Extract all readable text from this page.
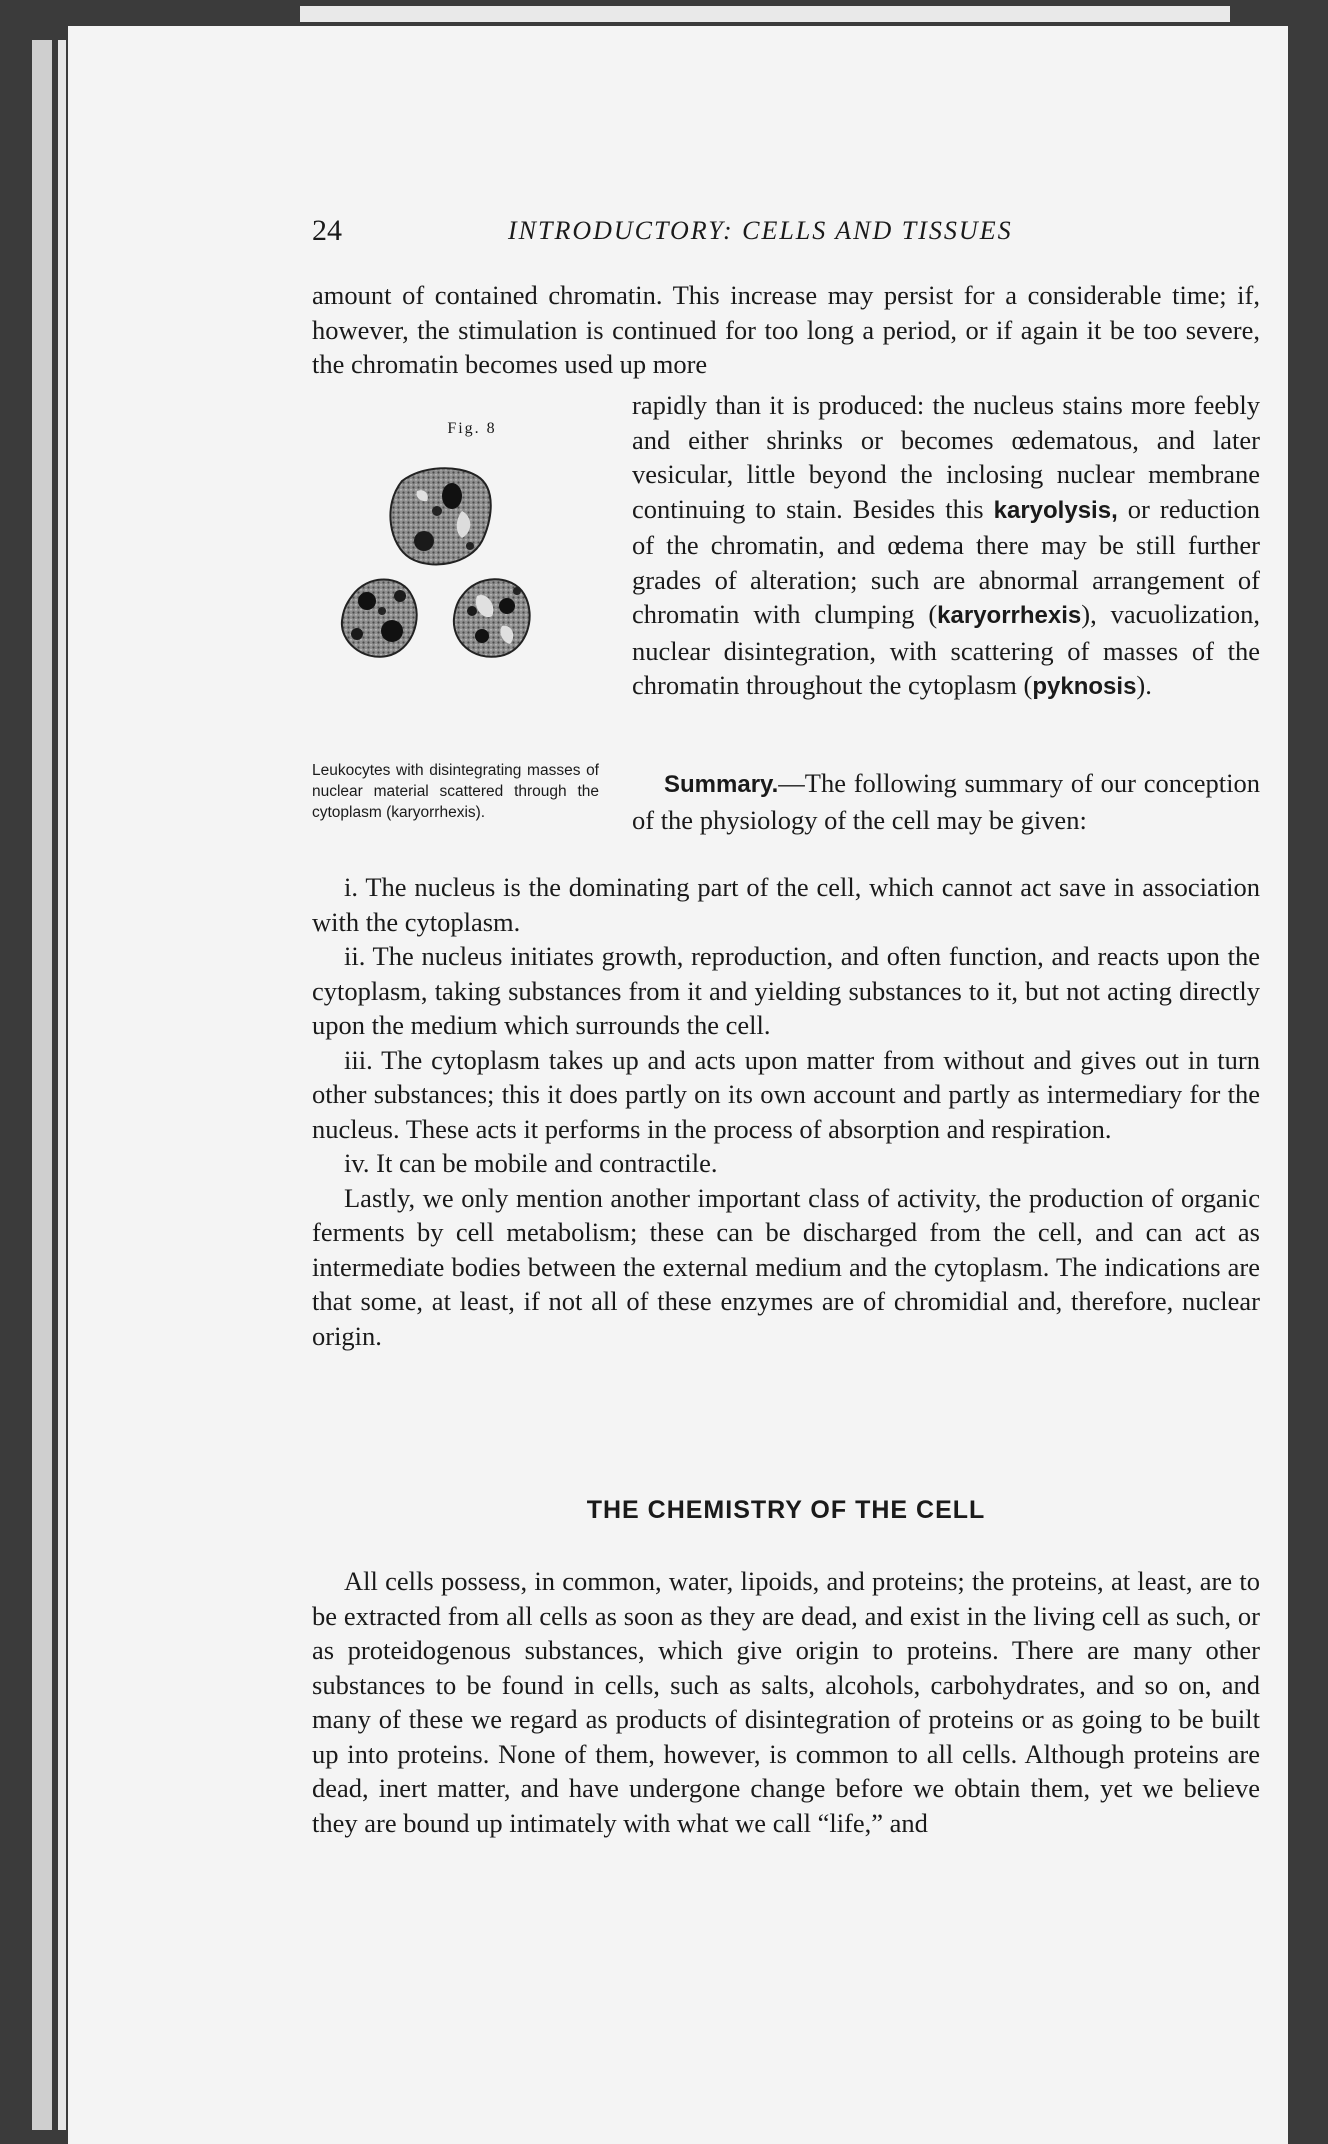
24	INTRODUCTORY: CELLS AND TISSUES

amount of contained chromatin. This increase may persist for a considerable time; if, however, the stimulation is continued for too long a period, or if again it be too severe, the chromatin becomes used up more

Fig. 8

Leukocytes with disintegrating masses of nuclear material scattered through the cytoplasm (karyorrhexis).

rapidly than it is produced: the nucleus stains more feebly and either shrinks or becomes œdematous, and later vesicular, little beyond the inclosing nuclear membrane continuing to stain. Besides this karyolysis, or reduction of the chromatin, and œdema there may be still further grades of alteration; such are abnormal arrangement of chromatin with clumping (karyorrhexis), vacuolization, nuclear disintegration, with scattering of masses of the chromatin throughout the cytoplasm (pyknosis).

Summary.—The following summary of our conception of the physiology of the cell may be given:

i. The nucleus is the dominating part of the cell, which cannot act save in association with the cytoplasm.

ii. The nucleus initiates growth, reproduction, and often function, and reacts upon the cytoplasm, taking substances from it and yielding substances to it, but not acting directly upon the medium which surrounds the cell.

iii. The cytoplasm takes up and acts upon matter from without and gives out in turn other substances; this it does partly on its own account and partly as intermediary for the nucleus. These acts it performs in the process of absorption and respiration.

iv. It can be mobile and contractile.

Lastly, we only mention another important class of activity, the production of organic ferments by cell metabolism; these can be discharged from the cell, and can act as intermediate bodies between the external medium and the cytoplasm. The indications are that some, at least, if not all of these enzymes are of chromidial and, therefore, nuclear origin.

THE CHEMISTRY OF THE CELL

All cells possess, in common, water, lipoids, and proteins; the proteins, at least, are to be extracted from all cells as soon as they are dead, and exist in the living cell as such, or as proteidogenous substances, which give origin to proteins. There are many other substances to be found in cells, such as salts, alcohols, carbohydrates, and so on, and many of these we regard as products of disintegration of proteins or as going to be built up into proteins. None of them, however, is common to all cells. Although proteins are dead, inert matter, and have undergone change before we obtain them, yet we believe they are bound up intimately with what we call “life,” and
